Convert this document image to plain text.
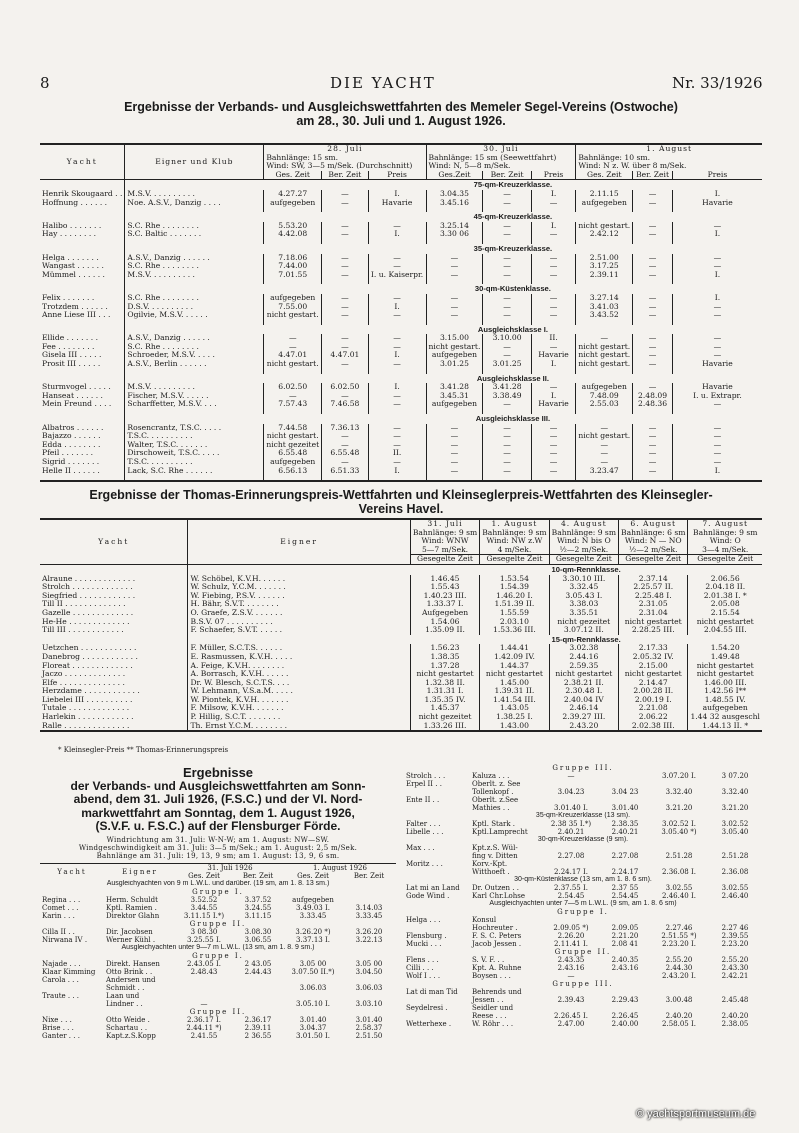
8	DIE YACHT	Nr. 33/1926
Ergebnisse der Verbands- und Ausgleichswettfahrten des Memeler Segel-Vereins (Ostwoche)
am 28., 30. Juli und 1. August 1926.
Yacht	Eigner und Klub	28. Juli			30. Juli			1. August		
		Bahnlänge: 15 sm.			Bahnlänge: 15 sm (Seewettfahrt)			Bahnlänge: 10 sm.		
		Wind: SW, 3—5 m/Sek. (Durchschnitt)			Wind: N, 5—8 m/Sek.			Wind: N z. W. über 8 m/Sek.		
		Ges. Zeit	Ber. Zeit	Preis	Ges.Zeit	Ber. Zeit	Preis	Ges. Zeit	Ber. Zeit	Preis
		75-qm-Kreuzerklasse.								
Henrik Skougaard . .	M.S.V. . . . . . . . . .	4.27.27	—	I.	3.04.35	—	I.	2.11.15	—	I.
Hoffnung . . . . . .	Noe. A.S.V., Danzig . . . .	aufgegeben	—	Havarie	3.45.16	—	—	aufgegeben	—	Havarie

		45-qm-Kreuzerklasse.								
Halibo . . . . . . .	S.C. Rhe . . . . . . . .	5.53.20	—	—	3.25.14	—	I.	nicht gestart.	—	—
Hay . . . . . . . .	S.C. Baltic . . . . . . .	4.42.08	—	I.	3.30 06	—	—	2.42.12	—	I.

		35-qm-Kreuzerklasse.								
Helga . . . . . . .	A.S.V., Danzig . . . . . .	7.18.06	—	—	—	—	—	2.51.00	—	—
Wangast . . . . . .	S.C. Rhe . . . . . . . .	7.44.00	—	—	—	—	—	3.17.25	—	—
Mümmel . . . . . .	M.S.V. . . . . . . . . .	7.01.55	—	I. u. Kaiserpr.	—	—	—	2.39.11	—	I.

		30-qm-Küstenklasse.								
Felix . . . . . . .	S.C. Rhe . . . . . . . .	aufgegeben	—	—	—	—	—	3.27.14	—	I.
Trotzdem . . . . . .	D.S.V. . . . . . . . . .	7.55.00	—	I.	—	—	—	3.41.03	—	—
Anne Liese III . . .	Ogilvie, M.S.V. . . . . .	nicht gestart.	—	—	—	—	—	3.43.52	—	—

		Ausgleichsklasse I.								
Ellide . . . . . . .	A.S.V., Danzig . . . . . .	—	—	—	3.15.00	3.10.00	II.	—	—	—
Fee . . . . . . . .	S.C. Rhe . . . . . . . .	—	—	—	nicht gestart.	—	—	nicht gestart.	—	—
Gisela III . . . . .	Schroeder, M.S.V. . . . .	4.47.01	4.47.01	I.	aufgegeben	—	Havarie	nicht gestart.	—	—
Prosit III . . . . .	A.S.V., Berlin . . . . . .	nicht gestart.	—	—	3.01.25	3.01.25	I.	nicht gestart.	—	Havarie

		Ausgleichsklasse II.								
Sturmvogel . . . . .	M.S.V. . . . . . . . . .	6.02.50	6.02.50	I.	3.41.28	3.41.28	—	aufgegeben	—	Havarie
Hanseat . . . . . .	Fischer, M.S.V. . . . . .	—	—	—	3.45.31	3.38.49	I.	7.48.09	2.48.09	I. u. Extrapr.
Mein Freund . . . .	Scharffetter, M.S.V. . . .	7.57.43	7.46.58	—	aufgegeben	—	Havarie	2.55.03	2.48.36	—

		Ausgleichsklasse III.								
Albatros . . . . . .	Rosencrantz, T.S.C. . . . .	7.44.58	7.36.13	—	—	—	—	—	—	—
Bajazzo . . . . . .	T.S.C. . . . . . . . . .	nicht gestart.	—	—	—	—	—	nicht gestart.	—	—
Edda . . . . . . . .	Walter, T.S.C. . . . . . .	nicht gezeitet	—	—	—	—	—	—	—	—
Pfeil . . . . . . .	Dirschoweit, T.S.C. . . . .	6.55.48	6.55.48	II.	—	—	—	—	—	—
Sigrid . . . . . . .	T.S.C. . . . . . . . . .	aufgegeben	—	—	—	—	—	—	—	—
Helle II . . . . . .	Lack, S.C. Rhe . . . . . .	6.56.13	6.51.33	I.	—	—	—	3.23.47	—	I.

Ergebnisse der Thomas-Erinnerungspreis-Wettfahrten und Kleinseglerpreis-Wettfahrten des Kleinsegler-
Vereins Havel.
Yacht	Eigner	31. Juli	1. August	4. August	6. August	7. August
		Bahnlänge: 9 sm	Bahnlänge: 9 sm	Bahnlänge: 9 sm	Bahnlänge: 6 sm	Bahnlänge: 9 sm
		Wind: WNW	Wind: NW z.W	Wind: N bis O	Wind: N — NO	Wind: O
		5—7 m/Sek.	4 m/Sek.	½—2 m/Sek.	½—2 m/Sek.	3—4 m/Sek.
		Gesegelte Zeit	Gesegelte Zeit	Gesegelte Zeit	Gesegelte Zeit	Gesegelte Zeit
		10-qm-Rennklasse.				
Alraune . . . . . . . . . . . . .	W. Schöbel, K.V.H. . . . . .	1.46.45	1.53.54	3.30.10 III.	2.37.14	2.06.56
Strolch . . . . . . . . . . . . .	W. Schulz, Y.C.M. . . . . . .	1.55.43	1.54.39	3.32.45	2.25.57 II.	2.04.18 II.
Siegfried . . . . . . . . . . . .	W. Fiebing, P.S.V. . . . . . .	1.40.23 III.	1.46.20 I.	3.05.43 I.	2.25.48 I.	2.01.38 I. *
Till II . . . . . . . . . . . . .	H. Bähr, S.V.T. . . . . . . .	1.33.37 I.	1.51.39 II.	3.38.03	2.31.05	2.05.08
Gazelle . . . . . . . . . . . . .	O. Graefe, Z.S.V. . . . . . .	Aufgegeben	1.55.59	3.35.51	2.31.04	2.15.54
He-He . . . . . . . . . . . . .	B.S.V. 07 . . . . . . . . . .	1.54.06	2.03.10	nicht gezeitet	nicht gestartet	nicht gestartet
Till III . . . . . . . . . . . .	F. Schaefer, S.V.T. . . . . .	1.35.09 II.	1.53.36 III.	3.07.12 II.	2.28.25 III.	2.04.55 III.
		15-qm-Rennklasse.				
Uetzchen . . . . . . . . . . . .	F. Müller, S.C.T.S. . . . . .	1.56.23	1.44.41	3.02.38	2.17.33	1.54.20
Danebrog . . . . . . . . . . . .	E. Rasmussen, K.V.H. . . . .	1.38.35	1.42.09 IV.	2.44.16	2.05.32 IV.	1.49.48
Floreat . . . . . . . . . . . . .	A. Feige, K.V.H. . . . . . . .	1.37.28	1.44.37	2.59.35	2.15.00	nicht gestartet
Jaczo . . . . . . . . . . . . .	A. Borrasch, K.V.H. . . . . .	nicht gestartet	nicht gestartet	nicht gestartet	nicht gestartet	nicht gestartet
Elfe . . . . . . . . . . . . . .	Dr. W. Blesch, S.C.T.S. . . .	1.32.38 II.	1.45.00	2.38.21 II.	2.14.47	1.46.00 III.
Herzdame . . . . . . . . . . . .	W. Lehmann, V.S.a.M. . . . .	1.31.31 I.	1.39.31 II.	2.30.48 I.	2.00.28 II.	1.42.56 I**
Liebelei III . . . . . . . . . .	W. Piontek, K.V.H. . . . . . .	1.35.35 IV.	1.41.54 III.	2.40.04 IV	2.00.19 I.	1.48.55 IV.
Tutale . . . . . . . . . . . . .	F. Milsow, K.V.H. . . . . . .	1.45.37	1.43.05	2.46.14	2.21.08	aufgegeben
Harlekin . . . . . . . . . . . .	P. Hillig, S.C.T. . . . . . . .	nicht gezeitet	1.38.25 I.	2.39.27 III.	2.06.22	1.44 32 ausgeschl
Ralle . . . . . . . . . . . . . .	Th. Ernst Y.C.M. . . . . . . .	1.33.26 III.	1.43.00	2.43.20	2.02.38 III.	1.44.13 II. *
* Kleinsegler-Preis ** Thomas-Erinnerungspreis
Ergebnisse
der Verbands- und Ausgleichswettfahrten am Sonn-
abend, dem 31. Juli 1926, (F.S.C.) und der VI. Nord-
markwettfahrt am Sonntag, dem 1. August 1926,
(S.V.F. u. F.S.C.) auf der Flensburger Förde.
Windrichtung am 31. Juli: W-N-W; am 1. August: NW—SW.
Windgeschwindigkeit am 31. Juli: 3—5 m/Sek.; am 1. August: 2,5 m/Sek.
Bahnlänge am 31. Juli: 19, 13, 9 sm; am 1. August: 13, 9, 6 sm.
Yacht	Eigner	31. Juli 1926		1. August 1926	
		Ges. Zeit	Ber. Zeit	Ges. Zeit	Ber. Zeit
Ausgleichyachten von 9 m L.W.L. und darüber. (19 sm, am 1. 8. 13 sm.)					
Gruppe I.					
Regina . . .	Herm. Schuldt	3.52.52	3.37.52	aufgegeben	
Comet . . .	Kptl. Ramien .	3.44.55	3.24.55	3.49.03 I.	3.14.03
Karin . . .	Direktor Glahn	3.11.15 I.*)	3.11.15	3.33.45	3.33.45
Gruppe II.					
Cilla II . .	Dir. Jacobsen	3 08.30	3.08.30	3.26.20 *)	3.26.20
Nirwana IV .	Werner Kühl .	3.25.55 I.	3.06.55	3.37.13 I.	3.22.13
Ausgleichyachten unter 9—7 m L.W.L. (13 sm, am 1. 8. 9 sm.)					
Gruppe I.					
Najade . . .	Direkt. Hansen	2.43.05 I.	2 43.05	3.05 00	3.05 00
Klaar Kimming	Otto Brink . .	2.48.43	2.44.43	3.07.50 II.*)	3.04.50
Carola . . .	Andersen und				
	Schmidt . .			3.06.03	3.06.03
Traute . . .	Laan und				
	Lindner . .	—		3.05.10 I.	3.03.10
Gruppe II.					
Nixe . . .	Otto Weide .	2.36.17 I.	2.36.17	3.01.40	3.01.40
Brise . . .	Schartau . .	2.44.11 *)	2.39.11	3.04.37	2.58.37
Ganter . . .	Kapt.z.S.Kopp	2.41.55	2 36.55	3.01.50 I.	2.51.50
Gruppe III.					
Strolch . . .	Kaluza . . .	—		3.07.20 I.	3 07.20
Erpel II . .	Oberlt. z. See				
	Tollenkopf .	3.04.23	3.04 23	3.32.40	3.32.40
Ente II . .	Oberlt. z.See				
	Mathies . .	3.01.40 I.	3.01.40	3.21.20	3.21.20
35-qm-Kreuzerklasse (13 sm).					
Falter . . .	Kptl. Stark .	2.38 35 I.*)	2.38.35	3.02.52 I.	3.02.52
Libelle . . .	Kptl.Lamprecht	2.40.21	2.40.21	3.05.40 *)	3.05.40
30-qm-Kreuzerklasse (9 sm).					
Max . . .	Kpt.z.S. Wül-				
	fing v. Ditten	2.27.08	2.27.08	2.51.28	2.51.28
Moritz . . .	Korv.-Kpt.				
	Witthoeft .	2.24.17 I.	2.24.17	2.36.08 I.	2.36.08
30-qm-Küstenklasse (13 sm, am 1. 8. 6 sm).					
Lat mi an Land	Dr. Outzen . .	2.37.55 I.	2.37 55	3.02.55	3.02.55
Gode Wind .	Karl Chr.Lohse	2.54.45	2.54.45	2.46.40 I.	2.46.40
Ausgleichyachten unter 7—5 m L.W.L. (9 sm, am 1. 8. 6 sm)					
Gruppe I.					
Helga . . .	Konsul				
	Hochreuter .	2.09.05 *)	2.09.05	2.27.46	2.27 46
Flensburg .	F. S. C. Peters	2.26.20	2.21.20	2.51.55 *)	2.39.55
Mucki . . .	Jacob Jessen .	2.11.41 I.	2.08 41	2.23.20 I.	2.23.20
Gruppe II.					
Flens . . .	S. V. F. . .	2.43.35	2.40.35	2.55.20	2.55.20
Cilli . . .	Kpt. A. Ruhne	2.43.16	2.43.16	2.44.30	2.43.30
Wolf I . . .	Boysen . . .	—		2.43.20 I.	2.42.21
Gruppe III.					
Lat di man Tid	Behrends und				
	Jessen . .	2.39.43	2.29.43	3.00.48	2.45.48
Seydelresi .	Seidler und				
	Reese . . .	2.26.45 I.	2.26.45	2.40.20	2.40.20
Wetterhexe .	W. Röhr . . .	2.47.00	2.40.00	2.58.05 I.	2.38.05
© yachtsportmuseum.de
